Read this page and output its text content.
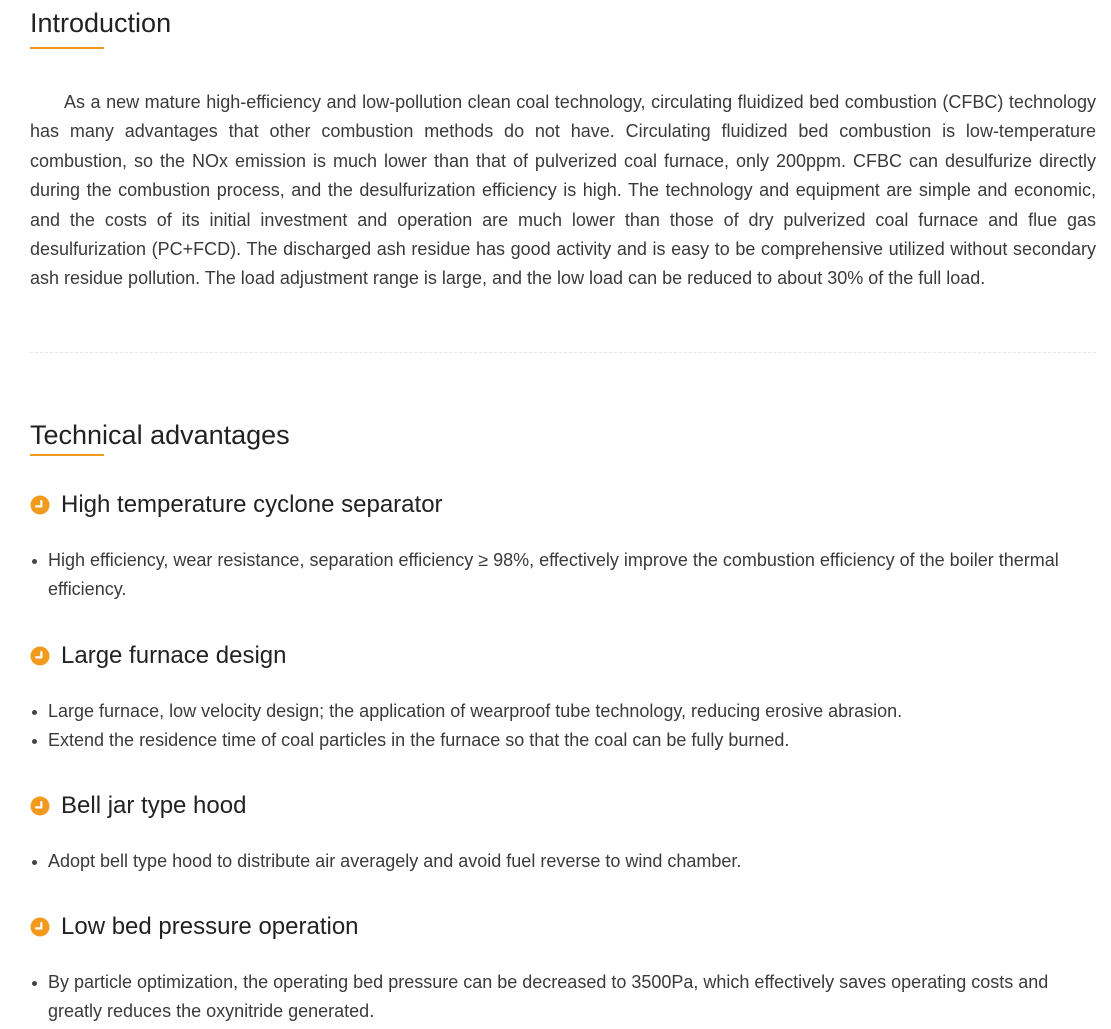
Introduction

As a new mature high-efficiency and low-pollution clean coal technology, circulating fluidized bed combustion (CFBC) technology has many advantages that other combustion methods do not have. Circulating fluidized bed combustion is low-temperature combustion, so the NOx emission is much lower than that of pulverized coal furnace, only 200ppm. CFBC can desulfurize directly during the combustion process, and the desulfurization efficiency is high. The technology and equipment are simple and economic, and the costs of its initial investment and operation are much lower than those of dry pulverized coal furnace and flue gas desulfurization (PC+FCD). The discharged ash residue has good activity and is easy to be comprehensive utilized without secondary ash residue pollution. The load adjustment range is large, and the low load can be reduced to about 30% of the full load.

Technical advantages
High temperature cyclone separator
High efficiency, wear resistance, separation efficiency ≥ 98%, effectively improve the combustion efficiency of the boiler thermal efficiency.
Large furnace design
Large furnace, low velocity design; the application of wearproof tube technology, reducing erosive abrasion.
Extend the residence time of coal particles in the furnace so that the coal can be fully burned.
Bell jar type hood
Adopt bell type hood to distribute air averagely and avoid fuel reverse to wind chamber.
Low bed pressure operation
By particle optimization, the operating bed pressure can be decreased to 3500Pa, which effectively saves operating costs and greatly reduces the oxynitride generated.
